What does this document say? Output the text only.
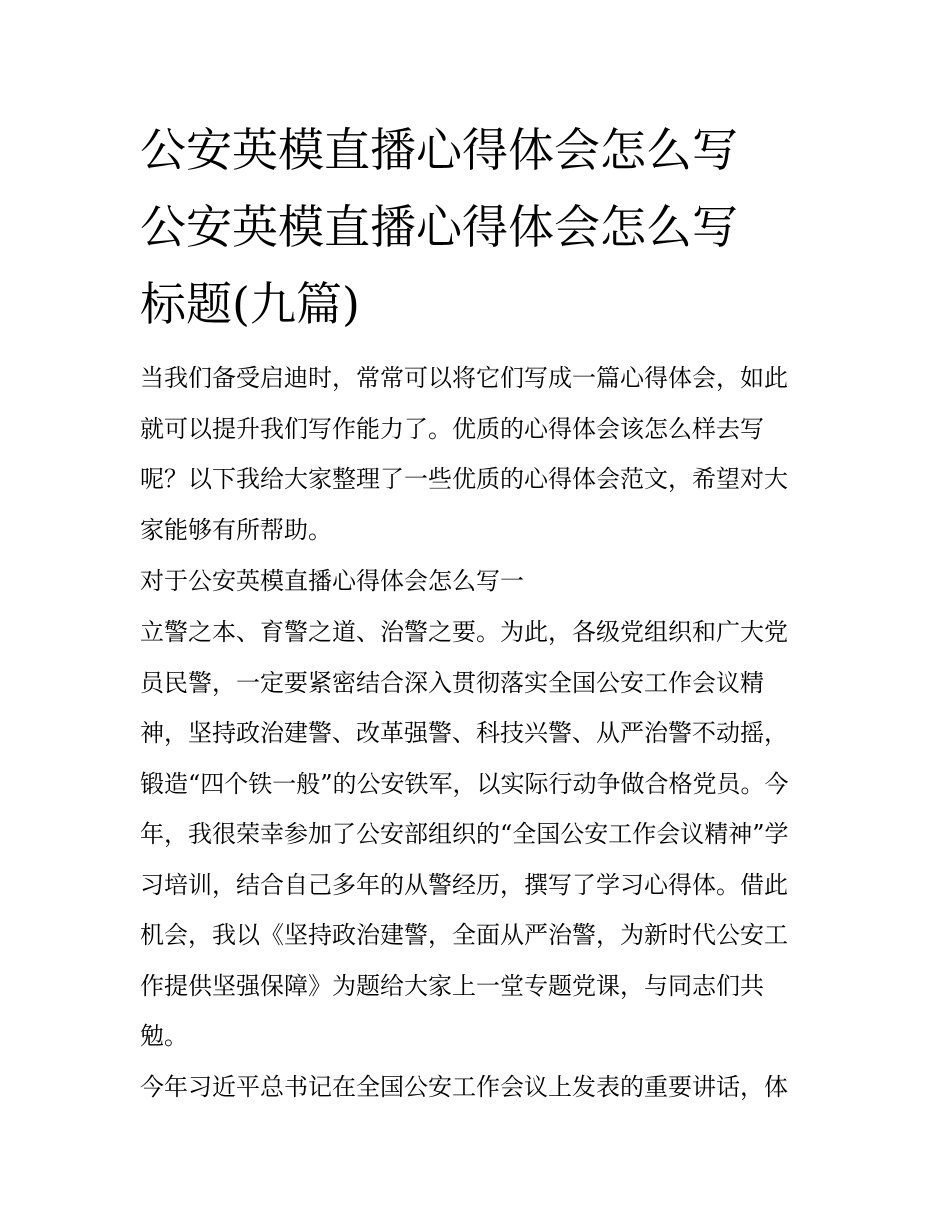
公安英模直播心得体会怎么写
公安英模直播心得体会怎么写
标题(九篇)

当我们备受启迪时，常常可以将它们写成一篇心得体会，如此
就可以提升我们写作能力了。优质的心得体会该怎么样去写
呢？以下我给大家整理了一些优质的心得体会范文，希望对大
家能够有所帮助。

对于公安英模直播心得体会怎么写一

立警之本、育警之道、治警之要。为此，各级党组织和广大党
员民警，一定要紧密结合深入贯彻落实全国公安工作会议精
神，坚持政治建警、改革强警、科技兴警、从严治警不动摇，
锻造“四个铁一般”的公安铁军，以实际行动争做合格党员。今
年，我很荣幸参加了公安部组织的“全国公安工作会议精神”学
习培训，结合自己多年的从警经历，撰写了学习心得体。借此
机会，我以《坚持政治建警，全面从严治警，为新时代公安工
作提供坚强保障》为题给大家上一堂专题党课，与同志们共
勉。

今年习近平总书记在全国公安工作会议上发表的重要讲话，体
